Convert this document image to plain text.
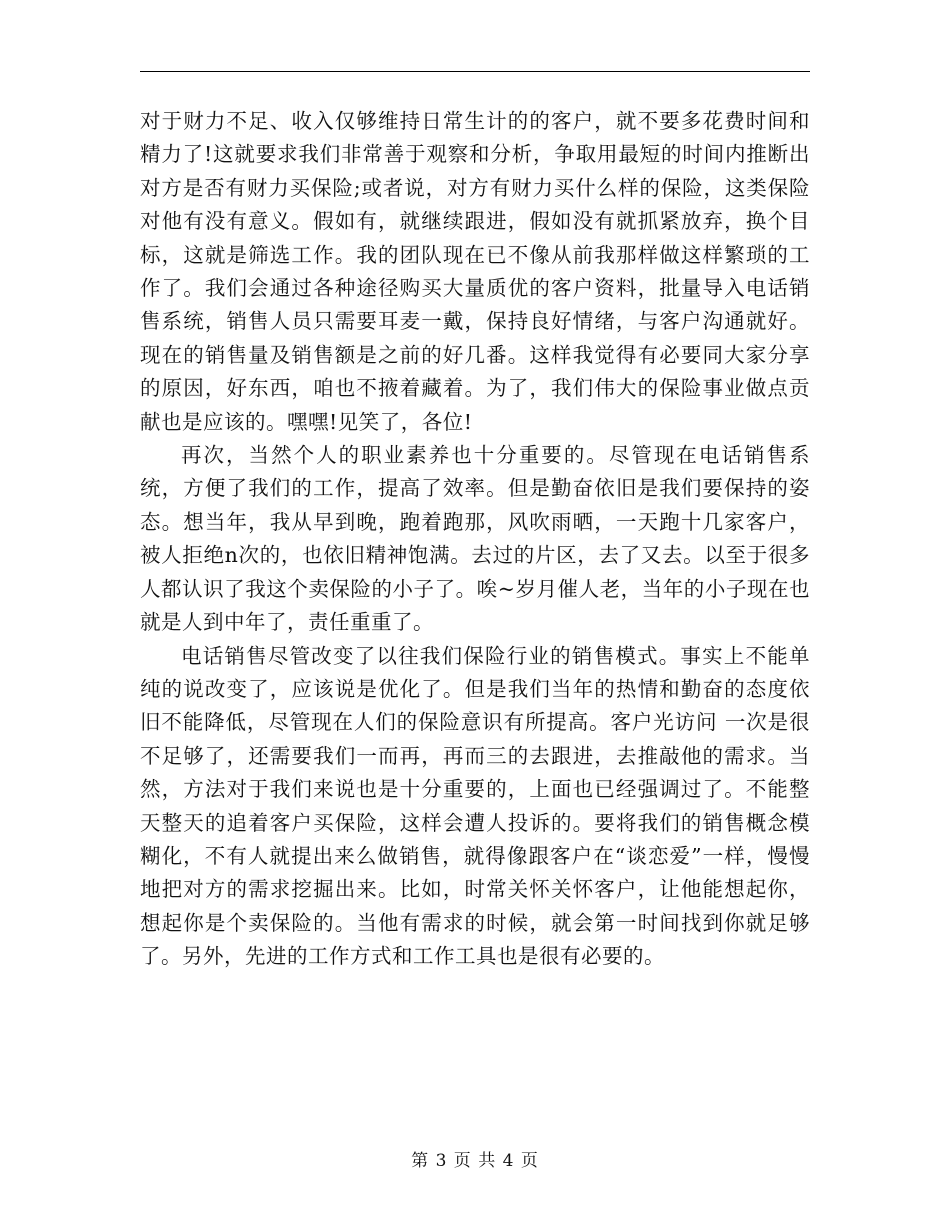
对于财力不足、收入仅够维持日常生计的的客户，就不要多花费时间和精力了!这就要求我们非常善于观察和分析，争取用最短的时间内推断出对方是否有财力买保险;或者说，对方有财力买什么样的保险，这类保险对他有没有意义。假如有，就继续跟进，假如没有就抓紧放弃，换个目标，这就是筛选工作。我的团队现在已不像从前我那样做这样繁琐的工作了。我们会通过各种途径购买大量质优的客户资料，批量导入电话销售系统，销售人员只需要耳麦一戴，保持良好情绪，与客户沟通就好。现在的销售量及销售额是之前的好几番。这样我觉得有必要同大家分享的原因，好东西，咱也不掖着藏着。为了，我们伟大的保险事业做点贡献也是应该的。嘿嘿!见笑了，各位!

再次，当然个人的职业素养也十分重要的。尽管现在电话销售系统，方便了我们的工作，提高了效率。但是勤奋依旧是我们要保持的姿态。想当年，我从早到晚，跑着跑那，风吹雨晒，一天跑十几家客户，被人拒绝n次的，也依旧精神饱满。去过的片区，去了又去。以至于很多人都认识了我这个卖保险的小子了。唉~岁月催人老，当年的小子现在也就是人到中年了，责任重重了。

电话销售尽管改变了以往我们保险行业的销售模式。事实上不能单纯的说改变了，应该说是优化了。但是我们当年的热情和勤奋的态度依旧不能降低，尽管现在人们的保险意识有所提高。客户光访问 一次是很不足够了，还需要我们一而再，再而三的去跟进，去推敲他的需求。当然，方法对于我们来说也是十分重要的，上面也已经强调过了。不能整天整天的追着客户买保险，这样会遭人投诉的。要将我们的销售概念模糊化，不有人就提出来么做销售，就得像跟客户在“谈恋爱”一样，慢慢地把对方的需求挖掘出来。比如，时常关怀关怀客户，让他能想起你，想起你是个卖保险的。当他有需求的时候，就会第一时间找到你就足够了。另外，先进的工作方式和工作工具也是很有必要的。

第 3 页 共 4 页
